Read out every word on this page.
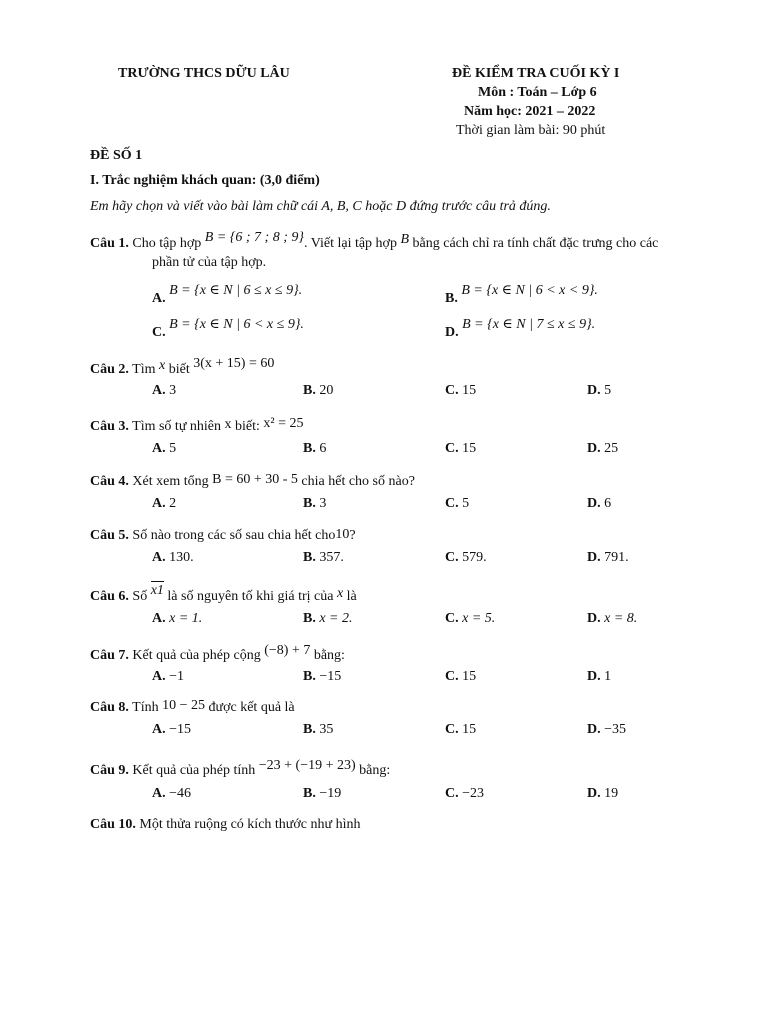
TRƯỜNG THCS DỮU LÂU	ĐỀ KIỂM TRA CUỐI KỲ I
Môn : Toán – Lớp 6
Năm học: 2021 – 2022
Thời gian làm bài: 90 phút
ĐỀ SỐ 1
I. Trắc nghiệm khách quan: (3,0 điểm)
Em hãy chọn và viết vào bài làm chữ cái A, B, C hoặc D đứng trước câu trả đúng.
Câu 1. Cho tập hợp B = {6 ; 7 ; 8 ; 9}. Viết lại tập hợp B bằng cách chỉ ra tính chất đặc trưng cho các
phần tử của tập hợp.
A. B = {x ∈ N | 6 ≤ x ≤ 9}.
B. B = {x ∈ N | 6 < x < 9}.
C. B = {x ∈ N | 6 < x ≤ 9}.
D. B = {x ∈ N | 7 ≤ x ≤ 9}.
Câu 2. Tìm x biết 3(x + 15) = 60
A. 3	B. 20	C. 15	D. 5
Câu 3. Tìm số tự nhiên x biết: x² = 25
A. 5	B. 6	C. 15	D. 25
Câu 4. Xét xem tổng B = 60 + 30 - 5 chia hết cho số nào?
A. 2	B. 3	C. 5	D. 6
Câu 5. Số nào trong các số sau chia hết cho10?
A. 130.	B. 357.	C. 579.	D. 791.
Câu 6. Số x1 là số nguyên tố khi giá trị của x là
A. x = 1.	B. x = 2.	C. x = 5.	D. x = 8.
Câu 7. Kết quả của phép cộng (−8) + 7 bằng:
A. −1	B. −15	C. 15	D. 1
Câu 8. Tính 10 − 25 được kết quả là
A. −15	B. 35	C. 15	D. −35
Câu 9. Kết quả của phép tính −23 + (−19 + 23) bằng:
A. −46	B. −19	C. −23	D. 19
Câu 10. Một thửa ruộng có kích thước như hình
